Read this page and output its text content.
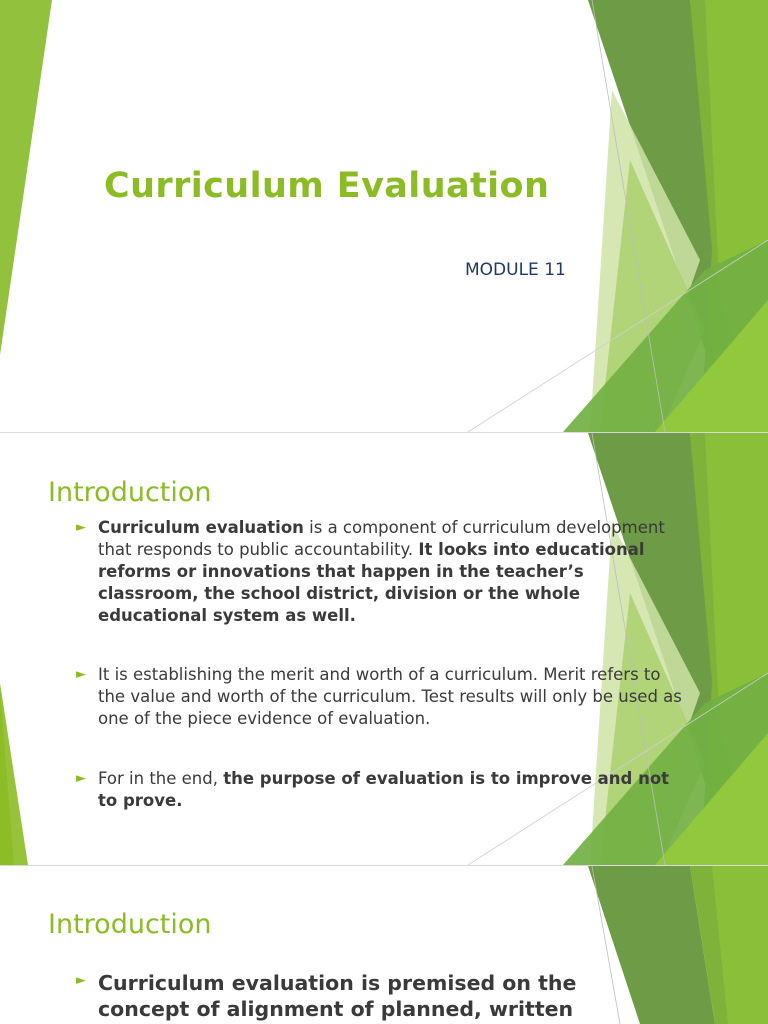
Curriculum Evaluation
MODULE 11
Introduction
► Curriculum evaluation is a component of curriculum development that responds to public accountability. It looks into educational reforms or innovations that happen in the teacher’s classroom, the school district, division or the whole educational system as well.
► It is establishing the merit and worth of a curriculum. Merit refers to the value and worth of the curriculum. Test results will only be used as one of the piece evidence of evaluation.
► For in the end, the purpose of evaluation is to improve and not to prove.
Introduction
► Curriculum evaluation is premised on the concept of alignment of planned, written
